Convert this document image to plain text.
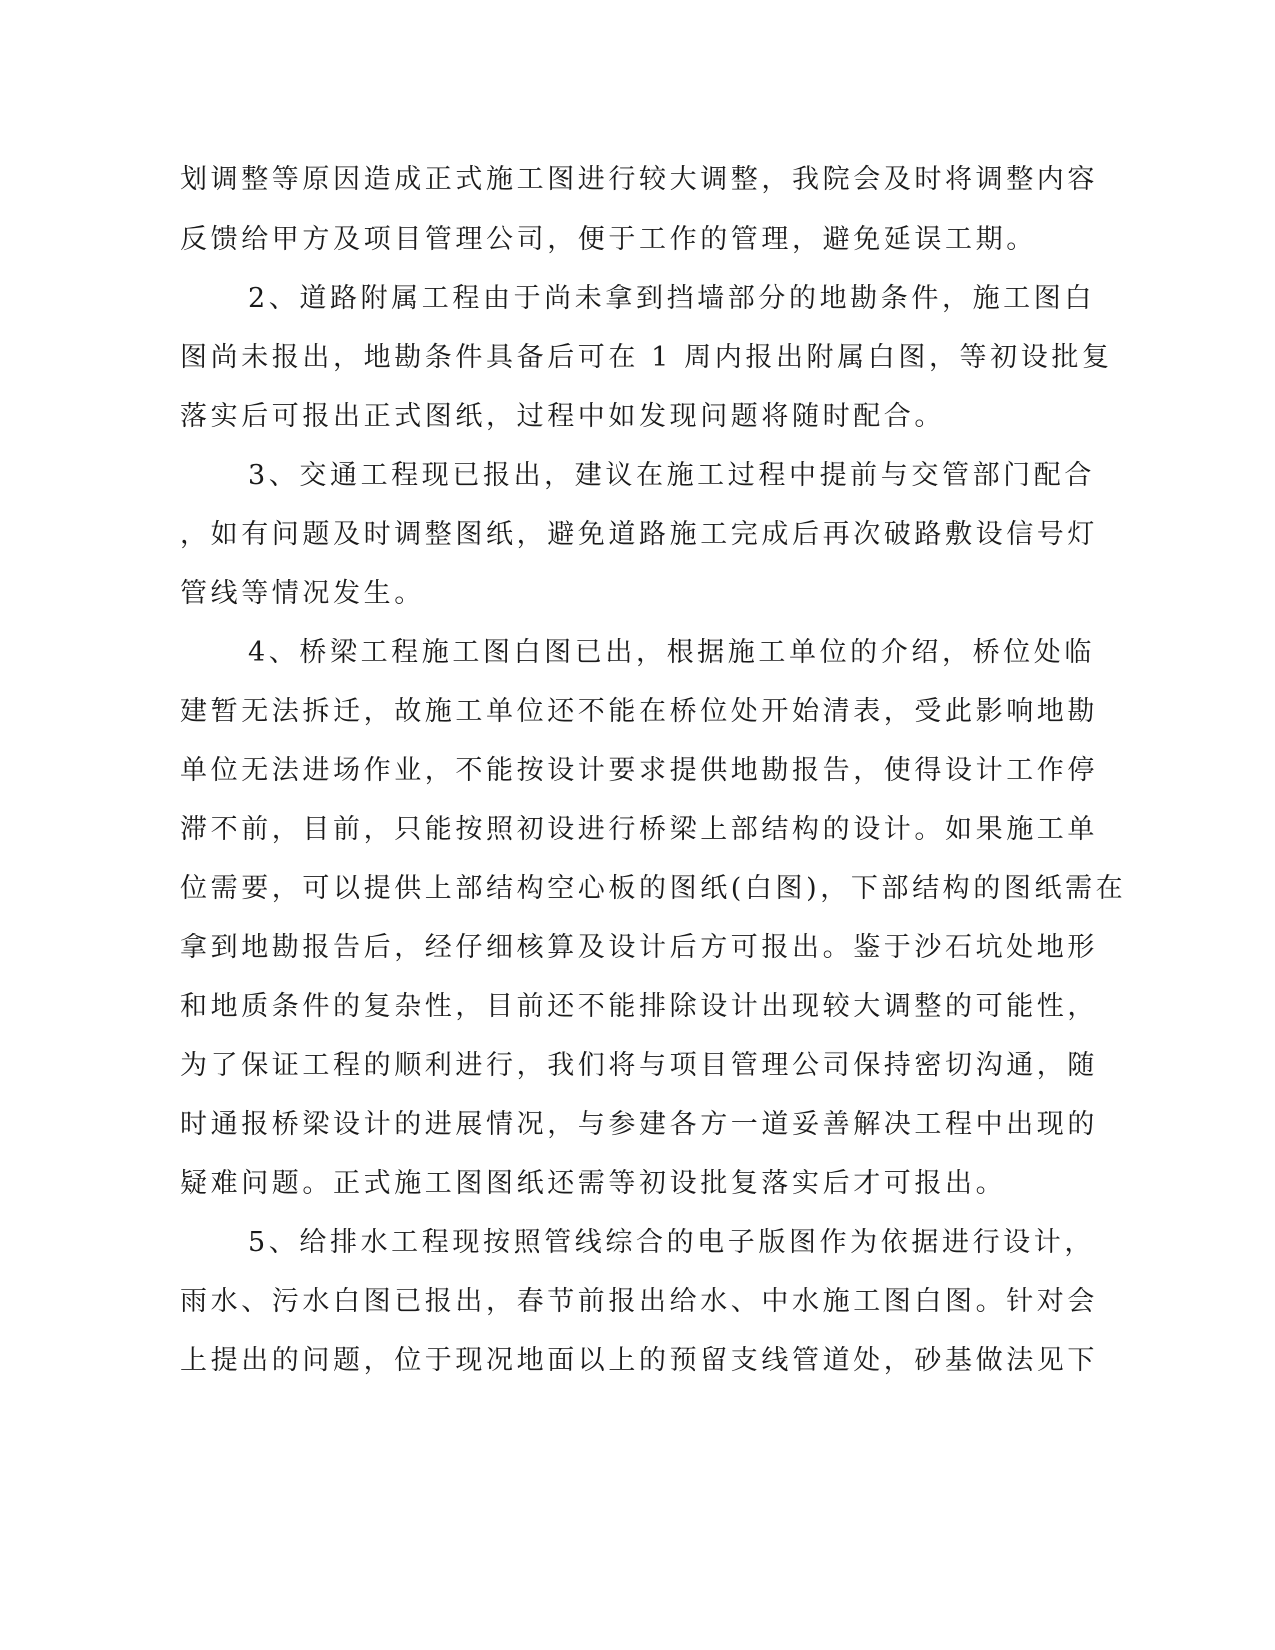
划调整等原因造成正式施工图进行较大调整，我院会及时将调整内容
反馈给甲方及项目管理公司，便于工作的管理，避免延误工期。
2、道路附属工程由于尚未拿到挡墙部分的地勘条件，施工图白
图尚未报出，地勘条件具备后可在 1 周内报出附属白图，等初设批复
落实后可报出正式图纸，过程中如发现问题将随时配合。
3、交通工程现已报出，建议在施工过程中提前与交管部门配合
，如有问题及时调整图纸，避免道路施工完成后再次破路敷设信号灯
管线等情况发生。
4、桥梁工程施工图白图已出，根据施工单位的介绍，桥位处临
建暂无法拆迁，故施工单位还不能在桥位处开始清表，受此影响地勘
单位无法进场作业，不能按设计要求提供地勘报告，使得设计工作停
滞不前，目前，只能按照初设进行桥梁上部结构的设计。如果施工单
位需要，可以提供上部结构空心板的图纸(白图)，下部结构的图纸需在
拿到地勘报告后，经仔细核算及设计后方可报出。鉴于沙石坑处地形
和地质条件的复杂性，目前还不能排除设计出现较大调整的可能性，
为了保证工程的顺利进行，我们将与项目管理公司保持密切沟通，随
时通报桥梁设计的进展情况，与参建各方一道妥善解决工程中出现的
疑难问题。正式施工图图纸还需等初设批复落实后才可报出。
5、给排水工程现按照管线综合的电子版图作为依据进行设计，
雨水、污水白图已报出，春节前报出给水、中水施工图白图。针对会
上提出的问题，位于现况地面以上的预留支线管道处，砂基做法见下
